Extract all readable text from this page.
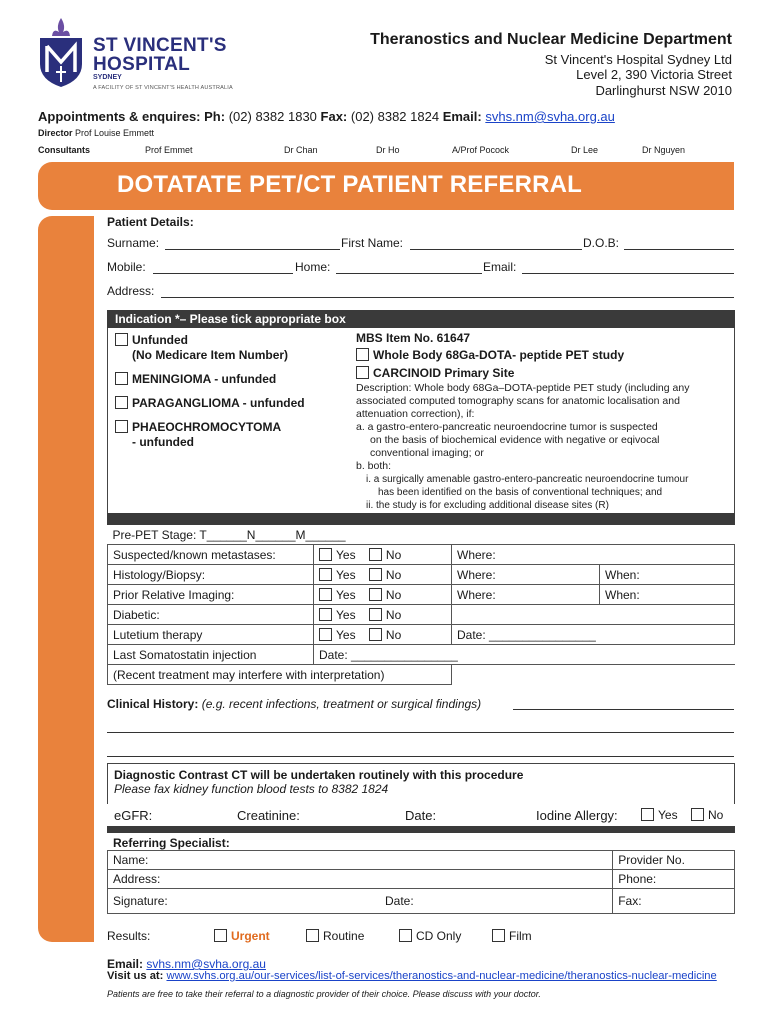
ST VINCENT'S
HOSPITAL
SYDNEY
A FACILITY OF ST VINCENT'S HEALTH AUSTRALIA
Theranostics and Nuclear Medicine Department
St Vincent's Hospital Sydney Ltd
Level 2, 390 Victoria Street
Darlinghurst NSW 2010
Appointments & enquires: Ph: (02) 8382 1830 Fax: (02) 8382 1824 Email: svhs.nm@svha.org.au
Director Prof Louise Emmett
Consultants	Prof Emmet	Dr Chan	Dr Ho	A/Prof Pocock	Dr Lee	Dr Nguyen
DOTATATE PET/CT PATIENT REFERRAL
Patient Details:
Surname:	First Name:	D.O.B:
Mobile:	Home:	Email:
Address:
Indication *– Please tick appropriate box
Unfunded
(No Medicare Item Number)
MENINGIOMA - unfunded
PARAGANGLIOMA - unfunded
PHAEOCHROMOCYTOMA
- unfunded
MBS Item No. 61647
Whole Body 68Ga-DOTA- peptide PET study
CARCINOID Primary Site
Description: Whole body 68Ga–DOTA-peptide PET study (including any
associated computed tomography scans for anatomic localisation and
attenuation correction), if:
a. a gastro-entero-pancreatic neuroendocrine tumor is suspected
on the basis of biochemical evidence with negative or eqivocal
conventional imaging; or
b. both:
i. a surgically amenable gastro-entero-pancreatic neuroendocrine tumour
has been identified on the basis of conventional techniques; and
ii. the study is for excluding additional disease sites (R)
Pre-PET Stage: T______N______M______			
Suspected/known metastases:	Yes No	Where:	
Histology/Biopsy:	Yes No	Where:	When:
Prior Relative Imaging:	Yes No	Where:	When:
Diabetic:	Yes No		
Lutetium therapy	Yes No	Date: ________________	
Last Somatostatin injection	Date: ________________		
(Recent treatment may interfere with interpretation)			
Clinical History: (e.g. recent infections, treatment or surgical findings)
Diagnostic Contrast CT will be undertaken routinely with this procedure
Please fax kidney function blood tests to 8382 1824
eGFR:	Creatinine:	Date:	Iodine Allergy:	Yes	No
Referring Specialist:
Name:		Provider No.
Address:		Phone:
Signature:	Date:	Fax:
Results:	Urgent	Routine	CD Only	Film
Email: svhs.nm@svha.org.au
Visit us at: www.svhs.org.au/our-services/list-of-services/theranostics-and-nuclear-medicine/theranostics-nuclear-medicine
Patients are free to take their referral to a diagnostic provider of their choice. Please discuss with your doctor.
